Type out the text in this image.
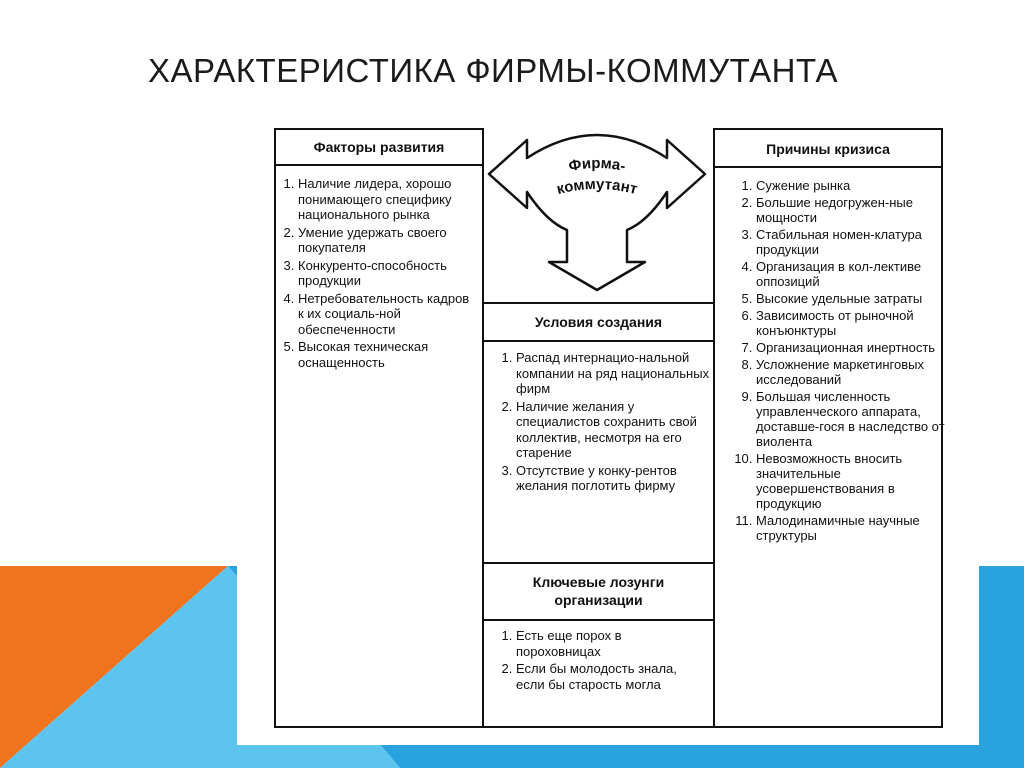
ХАРАКТЕРИСТИКА ФИРМЫ-КОММУТАНТА
Факторы развития
1. Наличие лидера, хорошо понимающего специфику национального рынка
2. Умение удержать своего покупателя
3. Конкуренто-способность продукции
4. Нетребовательность кадров к их социаль-ной обеспеченности
5. Высокая техническая оснащенность
Условия создания
1. Распад интернацио-нальной компании на ряд национальных фирм
2. Наличие желания у специалистов сохранить свой коллектив, несмотря на его старение
3. Отсутствие у конку-рентов желания поглотить фирму
Ключевые лозунги
организации
1. Есть еще порох в пороховницах
2. Если бы молодость знала, если бы старость могла
Причины кризиса
1. Сужение рынка
2. Большие недогружен-ные мощности
3. Стабильная номен-клатура продукции
4. Организация в кол-лективе оппозиций
5. Высокие удельные затраты
6. Зависимость от рыночной конъюнктуры
7. Организационная инертность
8. Усложнение маркетинговых исследований
9. Большая численность управленческого аппарата, доставше-гося в наследство от виолента
10. Невозможность вносить значительные усовершенствования в продукцию
11. Малодинамичные научные структуры
Фирма-
коммутант
